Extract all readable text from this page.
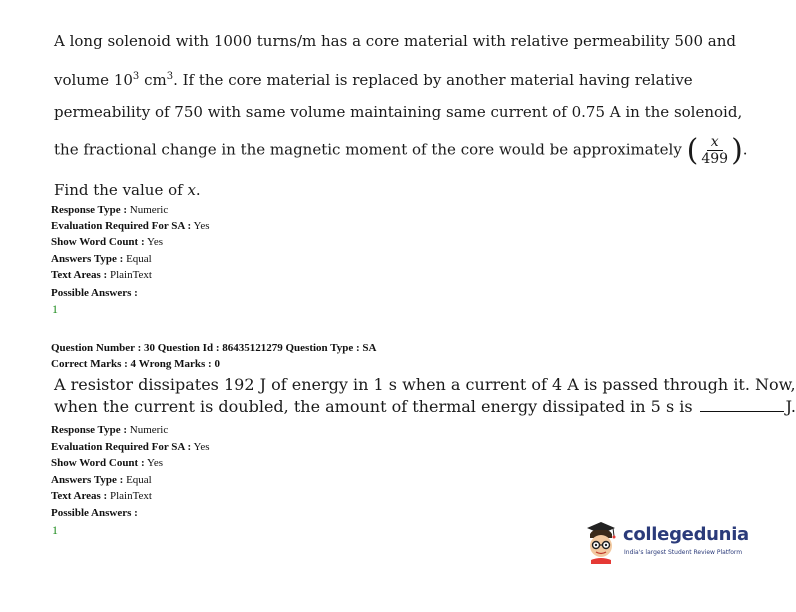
A long solenoid with 1000 turns/m has a core material with relative permeability 500 and
volume $10^3$ $cm^3$. If the core material is replaced by another material having relative
permeability of 750 with same volume maintaining same current of 0.75 A in the solenoid,
the fractional change in the magnetic moment of the core would be approximately ( $\frac{x}{499}$ ) .
Find the value of x.
Response Type : Numeric
Evaluation Required For SA : Yes
Show Word Count : Yes
Answers Type : Equal
Text Areas : PlainText
Possible Answers :
1
Question Number : 30 Question Id : 86435121279 Question Type : SA
Correct Marks : 4 Wrong Marks : 0
A resistor dissipates 192 J of energy in 1 s when a current of 4 A is passed through it. Now,
when the current is doubled, the amount of thermal energy dissipated in 5 s is	J.
Response Type : Numeric
Evaluation Required For SA : Yes
Show Word Count : Yes
Answers Type : Equal
Text Areas : PlainText
Possible Answers :
1	collegedunia
India's largest Student Review Platform
